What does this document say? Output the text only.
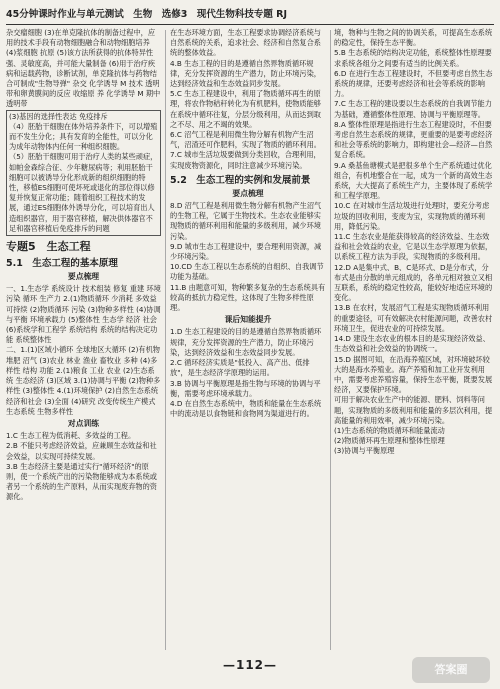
45分钟课时作业与单元测试　生物　选修3　现代生物科技专题 RJ

杂交瘤细胞 (3)在单克隆抗体的制备过程中，应用的技术手段有动物细胞融合和动物细胞培养 (4)浆细胞 抗原 (5)该方法所获得的抗体特异性强、灵敏度高，并可能大量制备 (6)用于治疗疾病和运载药物，诊断试剂，单克隆抗体与药物结合可制成"生物导弹" 杂交 化学诱导 M 技术 透明带和卵黄膜间的反应 收缩原 养 化学诱导 M 期中 透明带

(3)基因的选择性表达 免疫排斥
（4）胚胎干细胞在体外培养条件下，可以增殖而不发生分化；具有发育的全能性，可以分化为成年动物体内任何一种组织细胞。
（5）胚胎干细胞可用于治疗人类的某些顽症，如帕金森综合征、少年糖尿病等；利用胚胎干细胞可以被诱导分化形成新的组织细胞的特性，移植ES细胞可使坏死或退化的部位得以修复并恢复正常功能；随着组织工程技术的发展，通过ES细胞体外诱导分化，可以培育出人造组织器官，用于器官移植，解决供体器官不足和器官移植后免疫排斥的问题

专题5　生态工程
5.1　生态工程的基本原理
要点梳理

一、1.生态学 系统设计 技术组装 修复 重建 环境污染 循环 生产力 2.(1)物质循环 少消耗 多效益 可持续 (2)物质循环 污染 (3)物种多样性 (4)协调 与平衡 环境承载力 (5)整体性 生态学 经济 社会 (6)系统学和工程学 系统结构 系统的结构决定功能 系统整体性

二、1.(1)区域小循环 全球地区大循环 (2)有机物 堆肥 沼气 (3)农业 林业 渔业 畜牧业 多种 (4)多样性 结构 功能 2.(1)粮食 工业 农业 (2)生态系统 生态经济 (3)区域 3.(1)协调与平衡 (2)物种多样性 (3)整体性 4.(1)环境保护 (2)自然生态系统 经济和社会 (3)全面 (4)研究 改变传统生产模式 生态系统 生物多样性

对点训练

1.C 生态工程为低消耗、多效益的工程。
2.B 不能只考虑经济效益，应兼顾生态效益和社会效益，以实现可持续发展。
3.B 生态经济主要是通过实行"循环经济"的原则，使一个系统产出的污染物能够成为本系统或者另一个系统的生产原料，从而实现废弃物的资源化。

在生态环境方面，生态工程要求协调经济系统与自然系统的关系，追求社会、经济和自然复合系统的整体效益。
4.B 生态工程的目的是遵循自然界物质循环规律，充分发挥资源的生产潜力，防止环境污染，达到经济效益和生态效益同步发展。
5.C 生态工程建设中，利用了物质循环再生的原理，将农作物秸秆转化为有机肥料，使物质能够在系统中循环往复，分层分级利用，从而达到取之不尽、用之不竭的效果。
6.C 沼气工程是利用微生物分解有机物产生沼气，沼渣还可作肥料，实现了物质的循环利用。
7.C 城市生活垃圾要做到分类回收，合理利用，实现废物资源化，同时注意减少环境污染。

5.2　生态工程的实例和发展前景
要点梳理

8.D 沼气工程是利用微生物分解有机物产生沼气的生物工程，它属于生物技术。生态农业能够实现物质的循环利用和能量的多级利用，减少环境污染。
9.D 城市生态工程建设中，要合理利用资源，减少环境污染。
10.CD 生态工程以生态系统的自组织、自我调节功能为基础。
11.B 由题意可知，物种繁多复杂的生态系统具有较高的抵抗力稳定性，这体现了生物多样性原理。

课后知能提升

1.D 生态工程建设的目的是遵循自然界物质循环规律，充分发挥资源的生产潜力，防止环境污染，达到经济效益和生态效益同步发展。
2.C 循环经济实质是"低投入、高产出、低排放"，是生态经济学原理的运用。
3.B 协调与平衡原理是指生物与环境的协调与平衡，需要考虑环境承载力。
4.D 在自然生态系统中，物质和能量在生态系统中的流动是以食物链和食物网为渠道进行的。

境，物种与生物之间的协调关系，可提高生态系统的稳定性，保持生态平衡。
5.B 生态系统的结构决定功能，系统整体性原理要求系统各组分之间要有适当的比例关系。
6.D 在进行生态工程建设时，不但要考虑自然生态系统的规律，还要考虑经济和社会等系统的影响力。
7.C 生态工程的建设要以生态系统的自我调节能力为基础，遵循整体性原理、协调与平衡原理等。
8.A 整体性原理是指进行生态工程建设时，不但要考虑自然生态系统的规律，更重要的是要考虑经济和社会等系统的影响力，即构建社会—经济—自然复合系统。

9.A 桑基鱼塘模式是把很多单个生产系统通过优化组合，有机地整合在一起，成为一个新的高效生态系统，大大提高了系统生产力，主要体现了系统学和工程学原理。
10.C 在对城市生活垃圾进行处理时，要充分考虑垃圾的回收利用，变废为宝，实现物质的循环利用，降低污染。
11.C 生态农业是能获得较高的经济效益、生态效益和社会效益的农业，它是以生态学原理为依据，以系统工程方法为手段，实现物质的多级利用。

12.D A是集中式、B、C是环式、D是分布式，分布式是由分散的单元组成的，各单元相对独立又相互联系，系统的稳定性较高，能较好地适应环境的变化。
13.B 在农村，发展沼气工程是实现物质循环利用的重要途径，可有效解决农村能源问题，改善农村环境卫生，促进农业的可持续发展。
14.D 建设生态农业的根本目的是实现经济效益、生态效益和社会效益的协调统一。
15.D 据图可知，在沿海养殖区域，对环境破坏较大的是海水养殖业。海产养殖和加工业开发利用中，需要考虑养殖容量，保持生态平衡，既要发展经济，又要保护环境。

可用于解决农业生产中的能源、肥料、饲料等问题，实现物质的多级利用和能量的多层次利用，提高能量的利用效率，减少环境污染。
(1)生态系统的物质循环和能量流动
(2)物质循环再生原理和整体性原理
(3)协调与平衡原理

—112—	答案圈
